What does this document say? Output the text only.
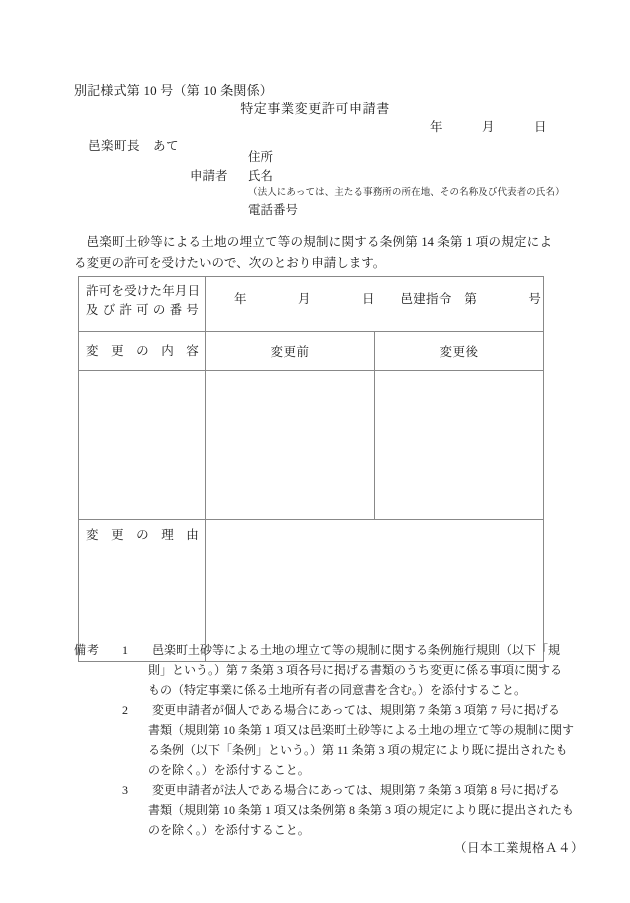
別記様式第 10 号（第 10 条関係）
特定事業変更許可申請書
年　　　月　　　日
邑楽町長　あて
住所
申請者	氏名
（法人にあっては、主たる事務所の所在地、その名称及び代表者の氏名）
電話番号
邑楽町土砂等による土地の埋立て等の規制に関する条例第 14 条第 1 項の規定による変更の許可を受けたいので、次のとおり申請します。
許可を受けた年月日
及び許可の番号	年　　　　月　　　　日　　邑建指令　第　　　　号	

変更の内容	変更前	変更後

変更の理由		

備考	1	邑楽町土砂等による土地の埋立て等の規制に関する条例施行規則（以下「規
則」という。）第 7 条第 3 項各号に掲げる書類のうち変更に係る事項に関する
もの（特定事業に係る土地所有者の同意書を含む。）を添付すること。
2	変更申請者が個人である場合にあっては、規則第 7 条第 3 項第 7 号に掲げる
書類（規則第 10 条第 1 項又は邑楽町土砂等による土地の埋立て等の規制に関す
る条例（以下「条例」という。）第 11 条第 3 項の規定により既に提出されたも
のを除く。）を添付すること。
3	変更申請者が法人である場合にあっては、規則第 7 条第 3 項第 8 号に掲げる
書類（規則第 10 条第 1 項又は条例第 8 条第 3 項の規定により既に提出されたも
のを除く。）を添付すること。
（日本工業規格Ａ４）
